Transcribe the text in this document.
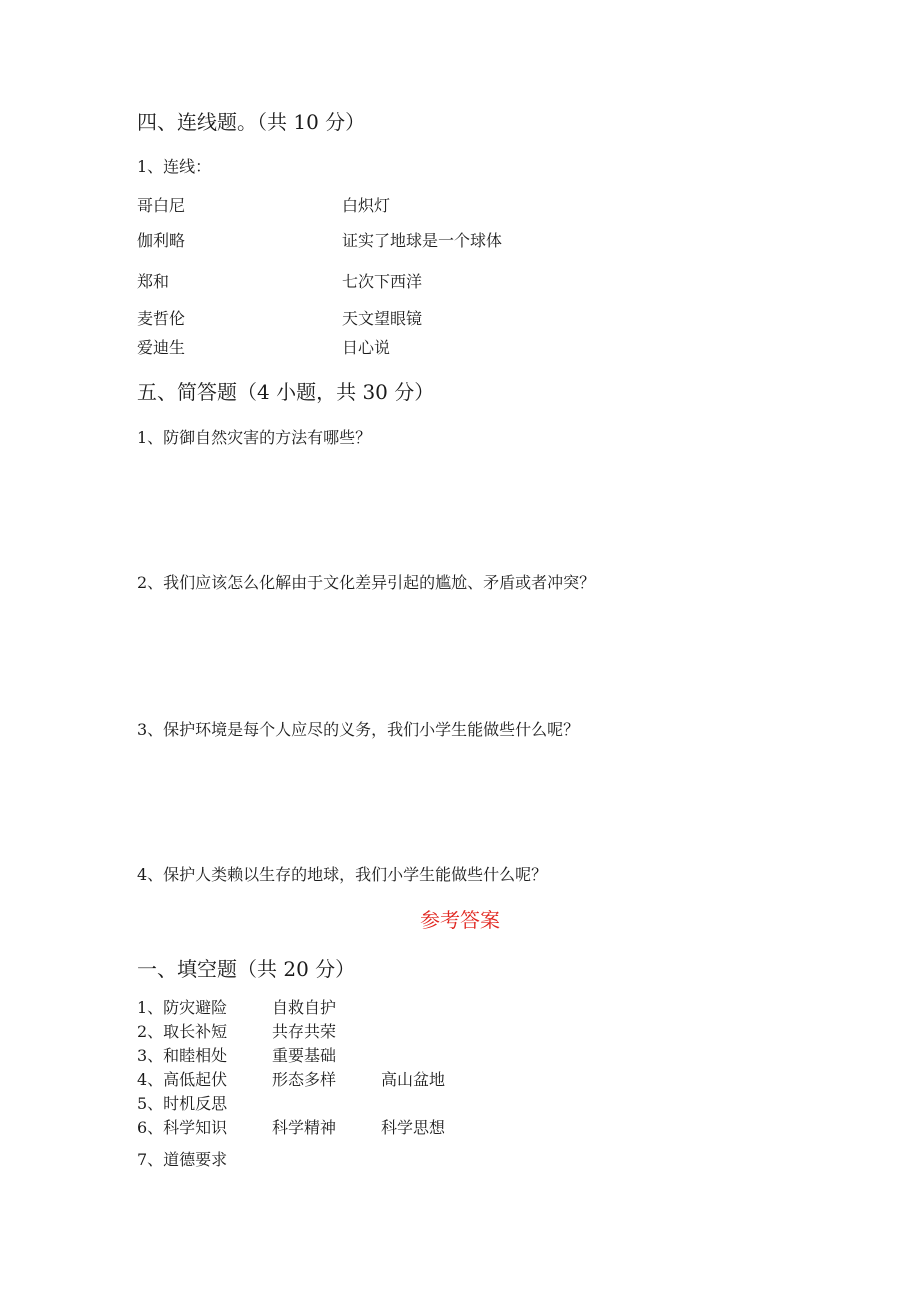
四、连线题。（共 10 分）
1、连线：
哥白尼	白炽灯
伽利略	证实了地球是一个球体
郑和	七次下西洋
麦哲伦	天文望眼镜
爱迪生	日心说
五、简答题（4 小题，共 30 分）
1、防御自然灾害的方法有哪些？
2、我们应该怎么化解由于文化差异引起的尴尬、矛盾或者冲突？
3、保护环境是每个人应尽的义务，我们小学生能做些什么呢？
4、保护人类赖以生存的地球，我们小学生能做些什么呢？
参考答案
一、填空题（共 20 分）
1、防灾避险	自救自护
2、取长补短	共存共荣
3、和睦相处	重要基础
4、高低起伏	形态多样	高山盆地
5、时机反思
6、科学知识	科学精神	科学思想
7、道德要求
